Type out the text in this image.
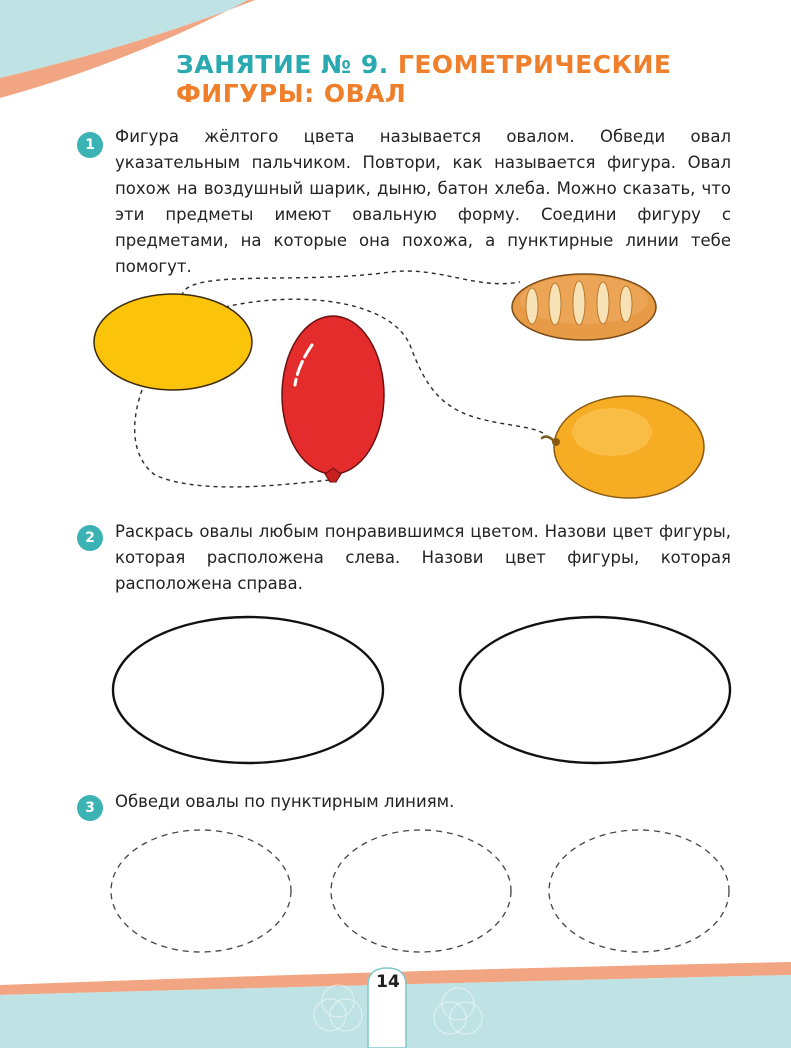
ЗАНЯТИЕ № 9. ГЕОМЕТРИЧЕСКИЕ ФИГУРЫ: ОВАЛ
1	Фигура жёлтого цвета называется овалом. Обведи овал указательным пальчиком. Повтори, как называется фигура. Овал похож на воздушный шарик, дыню, батон хлеба. Можно сказать, что эти предметы имеют овальную форму. Соедини фигуру с предметами, на которые она похожа, а пунктирные линии тебе помогут.
2	Раскрась овалы любым понравившимся цветом. Назови цвет фигуры, которая расположена слева. Назови цвет фигуры, которая расположена справа.
3	Обведи овалы по пунктирным линиям.
14
